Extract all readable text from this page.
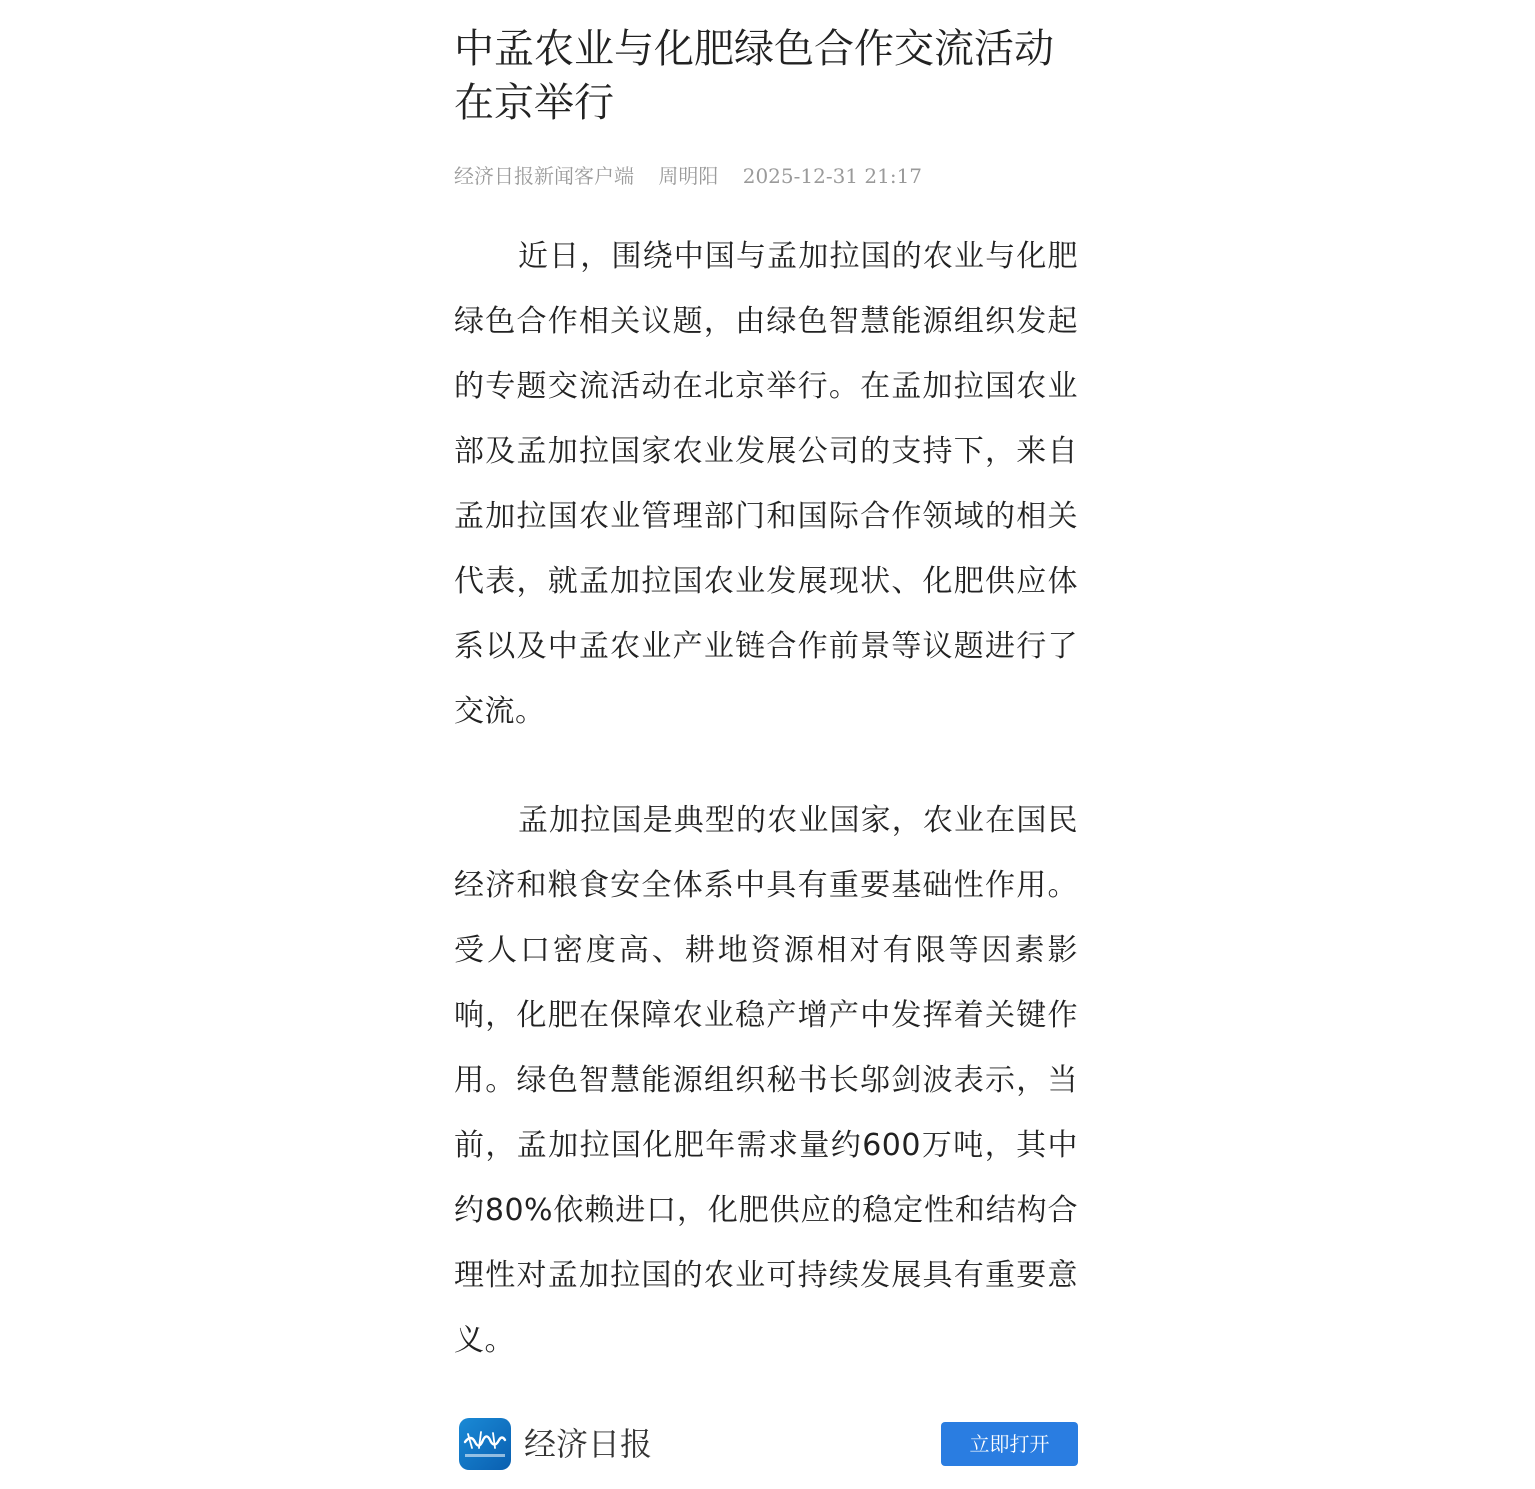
中孟农业与化肥绿色合作交流活动在京举行
经济日报新闻客户端 周明阳 2025-12-31 21:17

近日，围绕中国与孟加拉国的农业与化肥绿色合作相关议题，由绿色智慧能源组织发起的专题交流活动在北京举行。在孟加拉国农业部及孟加拉国家农业发展公司的支持下，来自孟加拉国农业管理部门和国际合作领域的相关代表，就孟加拉国农业发展现状、化肥供应体系以及中孟农业产业链合作前景等议题进行了交流。

孟加拉国是典型的农业国家，农业在国民经济和粮食安全体系中具有重要基础性作用。受人口密度高、耕地资源相对有限等因素影响，化肥在保障农业稳产增产中发挥着关键作用。绿色智慧能源组织秘书长邬剑波表示，当前，孟加拉国化肥年需求量约600万吨，其中约80%依赖进口，化肥供应的稳定性和结构合理性对孟加拉国的农业可持续发展具有重要意义。

经济日报	立即打开
